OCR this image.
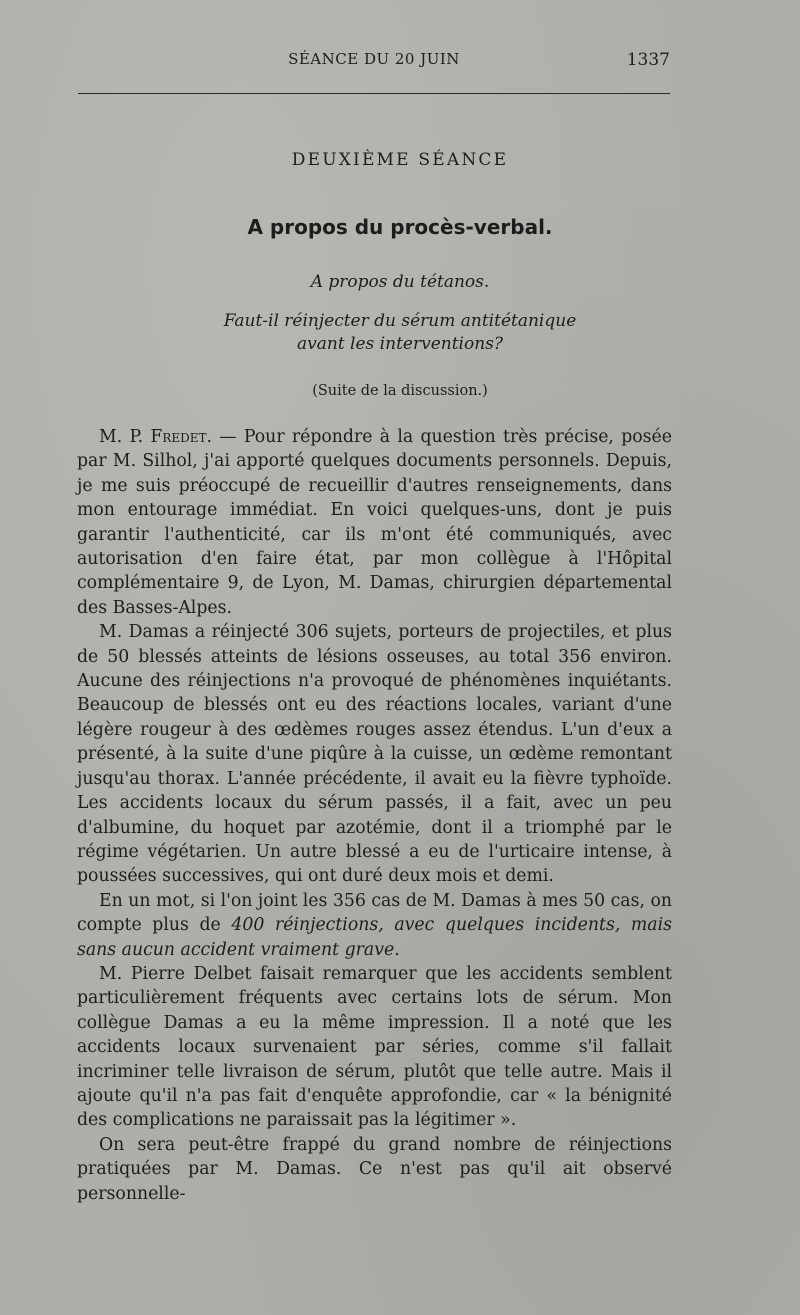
SÉANCE DU 20 JUIN	1337
DEUXIÈME SÉANCE
A propos du procès-verbal.
A propos du tétanos.
Faut-il réinjecter du sérum antitétanique
avant les interventions?
(Suite de la discussion.)

M. P. Fredet. — Pour répondre à la question très précise, posée par M. Silhol, j'ai apporté quelques documents personnels. Depuis, je me suis préoccupé de recueillir d'autres renseignements, dans mon entourage immédiat. En voici quelques-uns, dont je puis garantir l'authenticité, car ils m'ont été communiqués, avec autorisation d'en faire état, par mon collègue à l'Hôpital complémentaire 9, de Lyon, M. Damas, chirurgien départemental des Basses-Alpes.

M. Damas a réinjecté 306 sujets, porteurs de projectiles, et plus de 50 blessés atteints de lésions osseuses, au total 356 environ. Aucune des réinjections n'a provoqué de phénomènes inquiétants. Beaucoup de blessés ont eu des réactions locales, variant d'une légère rougeur à des œdèmes rouges assez étendus. L'un d'eux a présenté, à la suite d'une piqûre à la cuisse, un œdème remontant jusqu'au thorax. L'année précédente, il avait eu la fièvre typhoïde. Les accidents locaux du sérum passés, il a fait, avec un peu d'albumine, du hoquet par azotémie, dont il a triomphé par le régime végétarien. Un autre blessé a eu de l'urticaire intense, à poussées successives, qui ont duré deux mois et demi.

En un mot, si l'on joint les 356 cas de M. Damas à mes 50 cas, on compte plus de 400 réinjections, avec quelques incidents, mais sans aucun accident vraiment grave.

M. Pierre Delbet faisait remarquer que les accidents semblent particulièrement fréquents avec certains lots de sérum. Mon collègue Damas a eu la même impression. Il a noté que les accidents locaux survenaient par séries, comme s'il fallait incriminer telle livraison de sérum, plutôt que telle autre. Mais il ajoute qu'il n'a pas fait d'enquête approfondie, car « la bénignité des complications ne paraissait pas la légitimer ».

On sera peut-être frappé du grand nombre de réinjections pratiquées par M. Damas. Ce n'est pas qu'il ait observé personnelle-
